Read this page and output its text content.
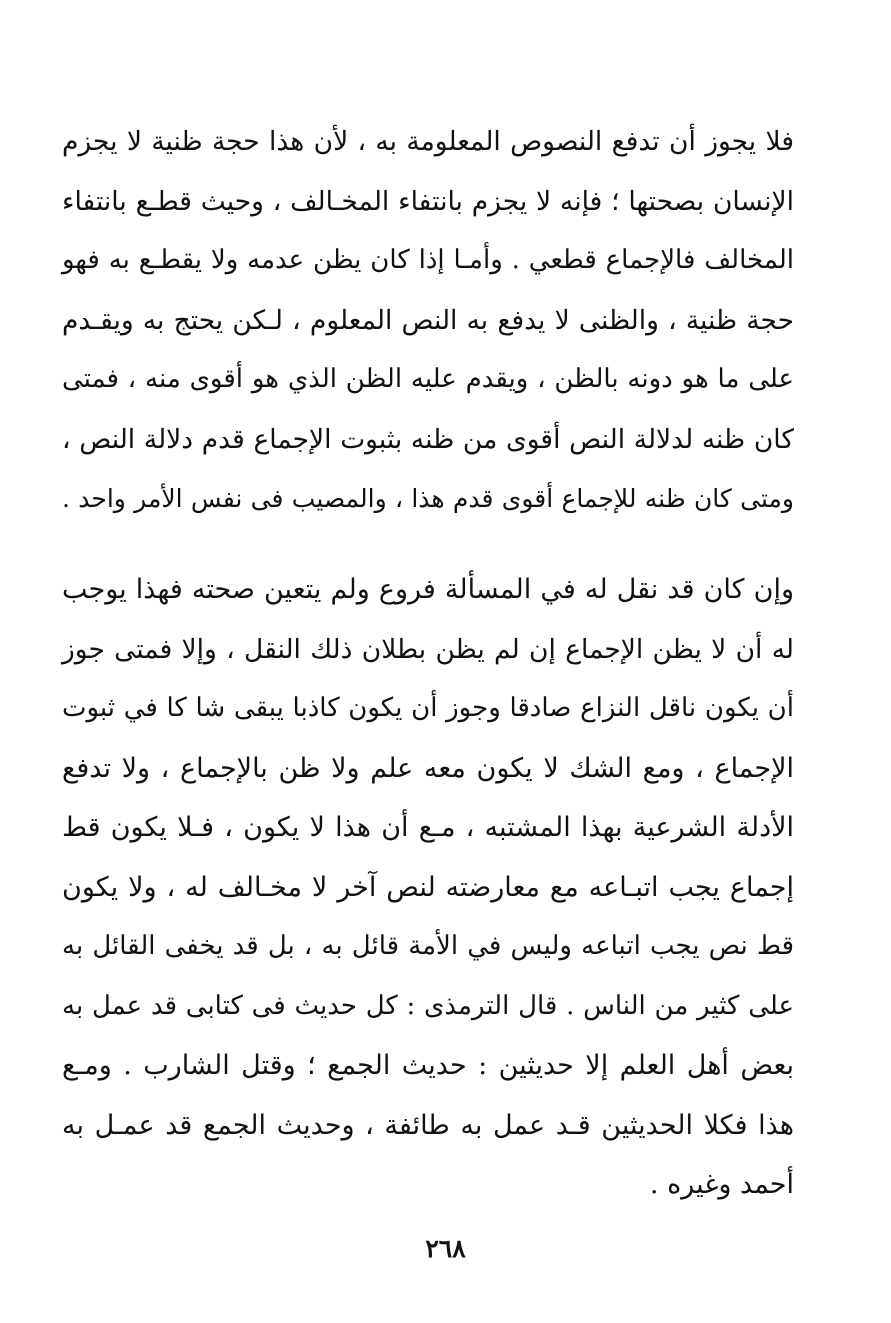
فلا يجوز أن تدفع النصوص المعلومة به ، لأن هذا حجة ظنية لا يجزم
الإنسان بصحتها ؛ فإنه لا يجزم بانتفاء المخـالف ، وحيث قطـع بانتفاء
المخالف فالإجماع قطعي . وأمـا إذا كان يظن عدمه ولا يقطـع به فهو
حجة ظنية ، والظنى لا يدفع به النص المعلوم ، لـكن يحتج به ويقـدم
على ما هو دونه بالظن ، ويقدم عليه الظن الذي هو أقوى منه ، فمتى
كان ظنه لدلالة النص أقوى من ظنه بثبوت الإجماع قدم دلالة النص ،
ومتى كان ظنه للإجماع أقوى قدم هذا ، والمصيب فى نفس الأمر واحد .
وإن كان قد نقل له في المسألة فروع ولم يتعين صحته فهذا يوجب
له أن لا يظن الإجماع إن لم يظن بطلان ذلك النقل ، وإلا فمتى جوز
أن يكون ناقل النزاع صادقا وجوز أن يكون كاذبا يبقى شا كا في ثبوت
الإجماع ، ومع الشك لا يكون معه علم ولا ظن بالإجماع ، ولا تدفع
الأدلة الشرعية بهذا المشتبه ، مـع أن هذا لا يكون ، فـلا يكون قط
إجماع يجب اتبـاعه مع معارضته لنص آخر لا مخـالف له ، ولا يكون
قط نص يجب اتباعه وليس في الأمة قائل به ، بل قد يخفى القائل به
على كثير من الناس . قال الترمذى : كل حديث فى كتابى قد عمل به
بعض أهل العلم إلا حديثين : حديث الجمع ؛ وقتل الشارب . ومـع
هذا فكلا الحديثين قـد عمل به طائفة ، وحديث الجمع قد عمـل به
أحمد وغيره .
٢٦٨
